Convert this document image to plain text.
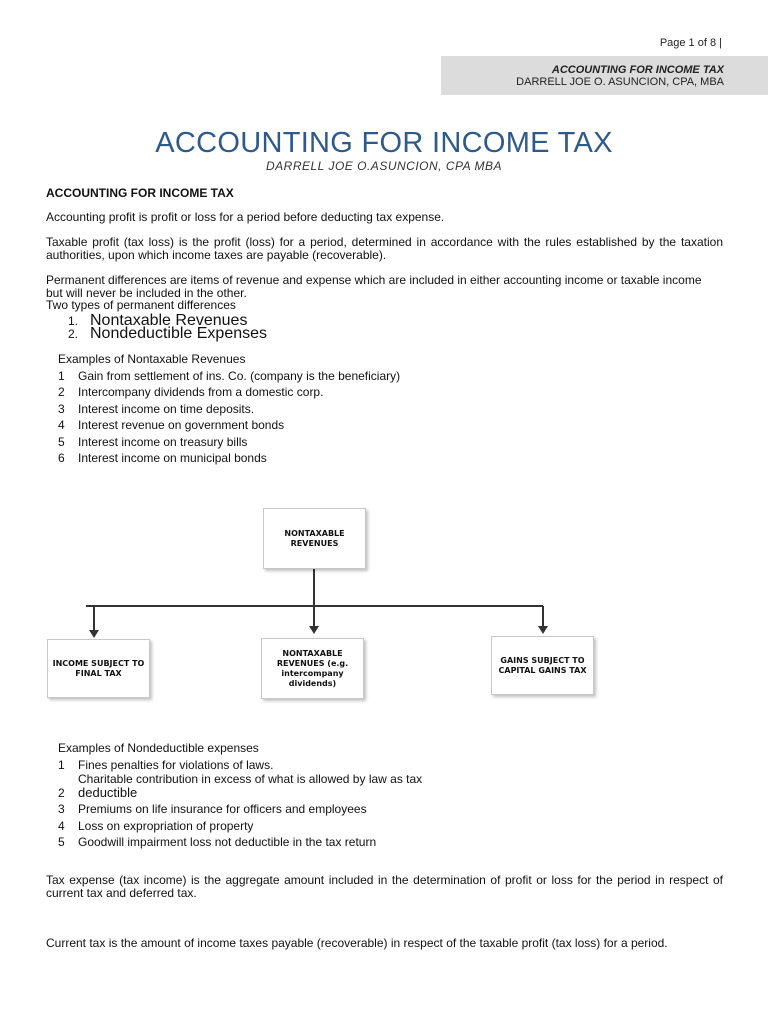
Page 1 of 8 |
ACCOUNTING FOR INCOME TAX
DARRELL JOE O. ASUNCION, CPA, MBA
ACCOUNTING FOR INCOME TAX
DARRELL JOE O.ASUNCION, CPA MBA
ACCOUNTING FOR INCOME TAX
Accounting profit is profit or loss for a period before deducting tax expense.
Taxable profit (tax loss) is the profit (loss) for a period, determined in accordance with the rules established by the taxation authorities, upon which income taxes are payable (recoverable).
Permanent differences are items of revenue and expense which are included in either accounting income or taxable income
but will never be included in the other.
Two types of permanent differences
1. Nontaxable Revenues
2. Nondeductible Expenses
Examples of Nontaxable Revenues
1 Gain from settlement of ins. Co. (company is the beneficiary)
2 Intercompany dividends from a domestic corp.
3 Interest income on time deposits.
4 Interest revenue on government bonds
5 Interest income on treasury bills
6 Interest income on municipal bonds
NONTAXABLE REVENUES
INCOME SUBJECT TO FINAL TAX
NONTAXABLE REVENUES (e.g. intercompany dividends)
GAINS SUBJECT TO CAPITAL GAINS TAX
Examples of Nondeductible expenses
1 Fines penalties for violations of laws.
Charitable contribution in excess of what is allowed by law as tax
2 deductible
3 Premiums on life insurance for officers and employees
4 Loss on expropriation of property
5 Goodwill impairment loss not deductible in the tax return
Tax expense (tax income) is the aggregate amount included in the determination of profit or loss for the period in respect of current tax and deferred tax.
Current tax is the amount of income taxes payable (recoverable) in respect of the taxable profit (tax loss) for a period.
